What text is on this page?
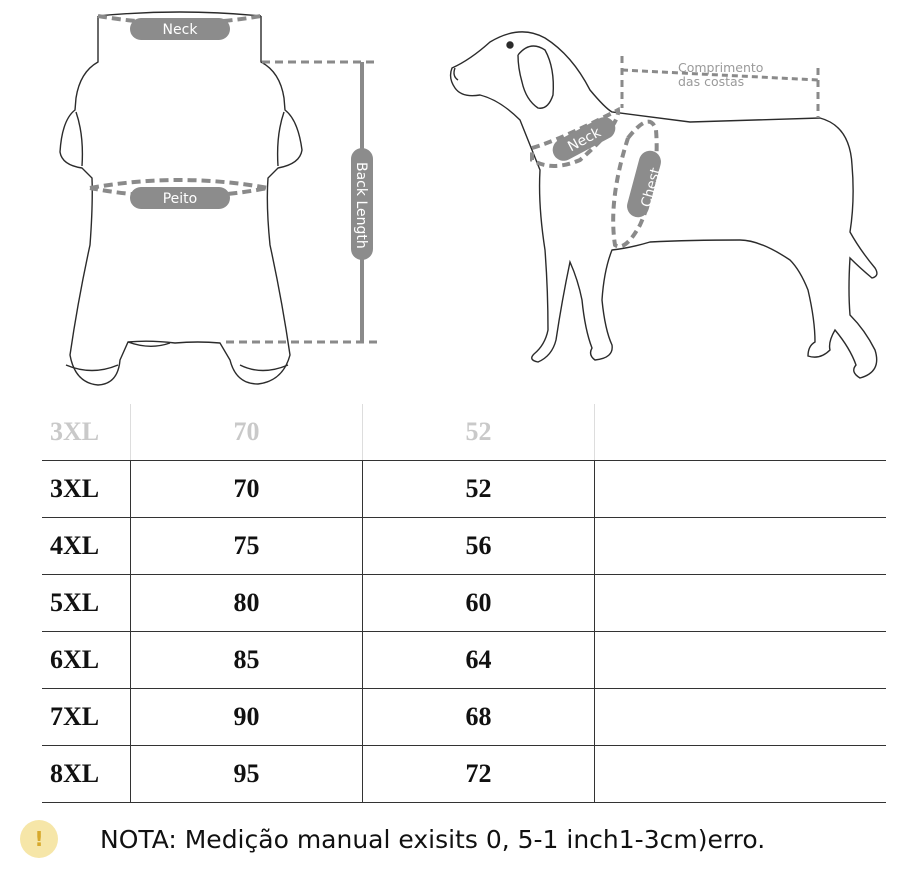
Neck
Peito	Back Length
Comprimento
das costas
Neck
Chest
3XL	70	52	
3XL	70	52	
4XL	75	56	
5XL	80	60	
6XL	85	64	
7XL	90	68	
8XL	95	72	
!	NOTA: Medição manual exisits 0, 5-1 inch1-3cm)erro.
